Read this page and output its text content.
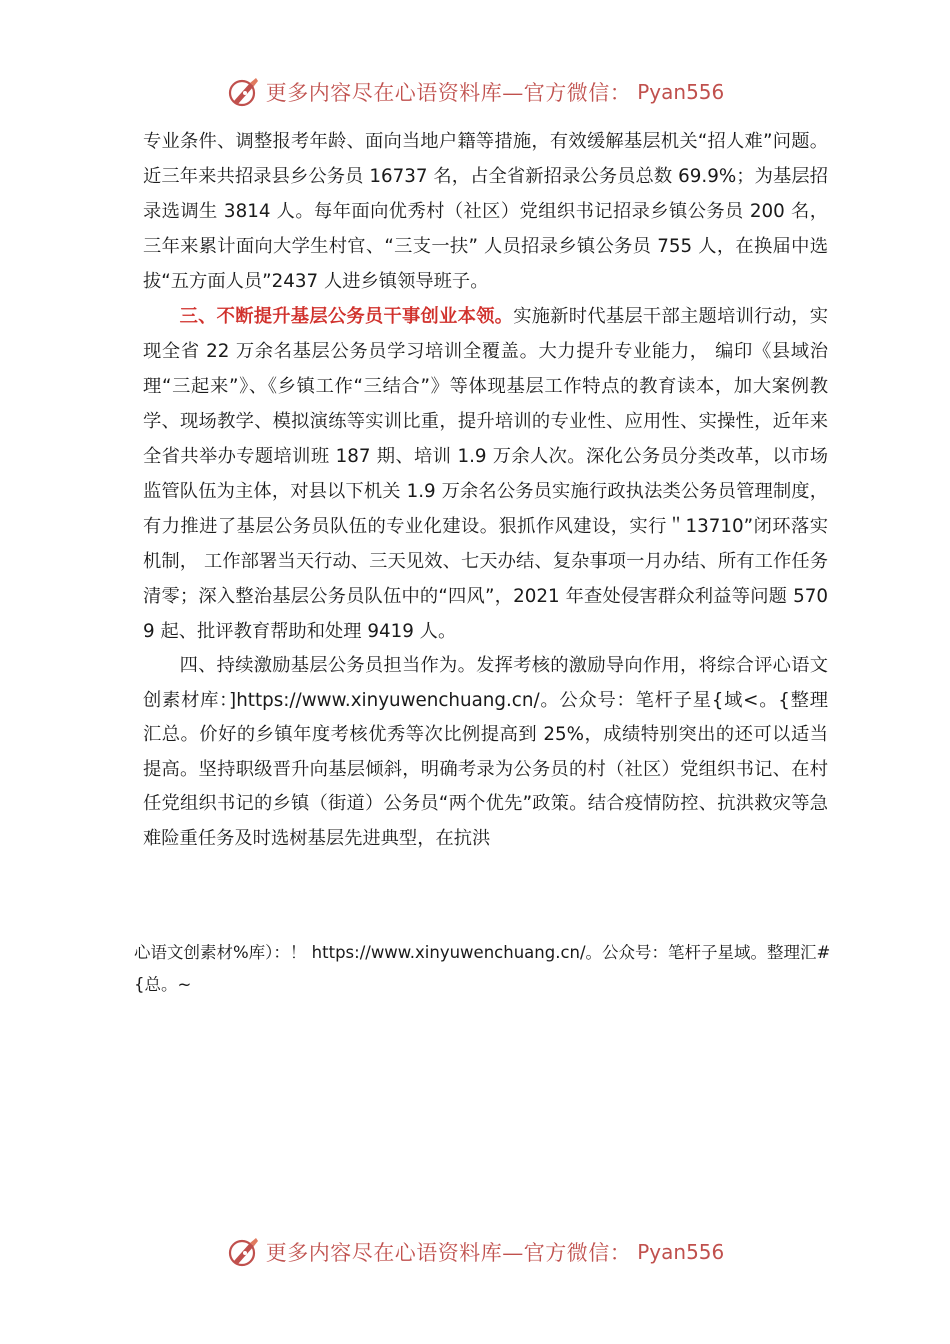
更多内容尽在心语资料库—官方微信： Pyan556

专业条件、调整报考年龄、面向当地户籍等措施，有效缓解基层机关“招人难”问题。近三年来共招录县乡公务员 16737 名，占全省新招录公务员总数 69.9%；为基层招录选调生 3814 人。每年面向优秀村（社区）党组织书记招录乡镇公务员 200 名，三年来累计面向大学生村官、“三支一扶” 人员招录乡镇公务员 755 人，在换届中选拔“五方面人员”2437 人进乡镇领导班子。

三、不断提升基层公务员干事创业本领。实施新时代基层干部主题培训行动，实现全省 22 万余名基层公务员学习培训全覆盖。大力提升专业能力， 编印《县域治理“三起来”》、《乡镇工作“三结合”》等体现基层工作特点的教育读本，加大案例教学、现场教学、模拟演练等实训比重，提升培训的专业性、应用性、实操性，近年来全省共举办专题培训班 187 期、培训 1.9 万余人次。深化公务员分类改革，以市场监管队伍为主体，对县以下机关 1.9 万余名公务员实施行政执法类公务员管理制度，有力推进了基层公务员队伍的专业化建设。狠抓作风建设，实行＂13710”闭环落实机制， 工作部署当天行动、三天见效、七天办结、复杂事项一月办结、所有工作任务清零；深入整治基层公务员队伍中的“四风”，2021 年查处侵害群众利益等问题 5709 起、批评教育帮助和处理 9419 人。

四、持续激励基层公务员担当作为。发挥考核的激励导向作用，将综合评心语文创素材库：]https://www.xinyuwenchuang.cn/。公众号：笔杆子星{域<。{整理汇总。价好的乡镇年度考核优秀等次比例提高到 25%，成绩特别突出的还可以适当提高。坚持职级晋升向基层倾斜，明确考录为公务员的村（社区）党组织书记、在村任党组织书记的乡镇（街道）公务员“两个优先”政策。结合疫情防控、抗洪救灾等急难险重任务及时选树基层先进典型，在抗洪

心语文创素材%库）：！ https://www.xinyuwenchuang.cn/。公众号：笔杆子星域。整理汇#{总。~
更多内容尽在心语资料库—官方微信： Pyan556
